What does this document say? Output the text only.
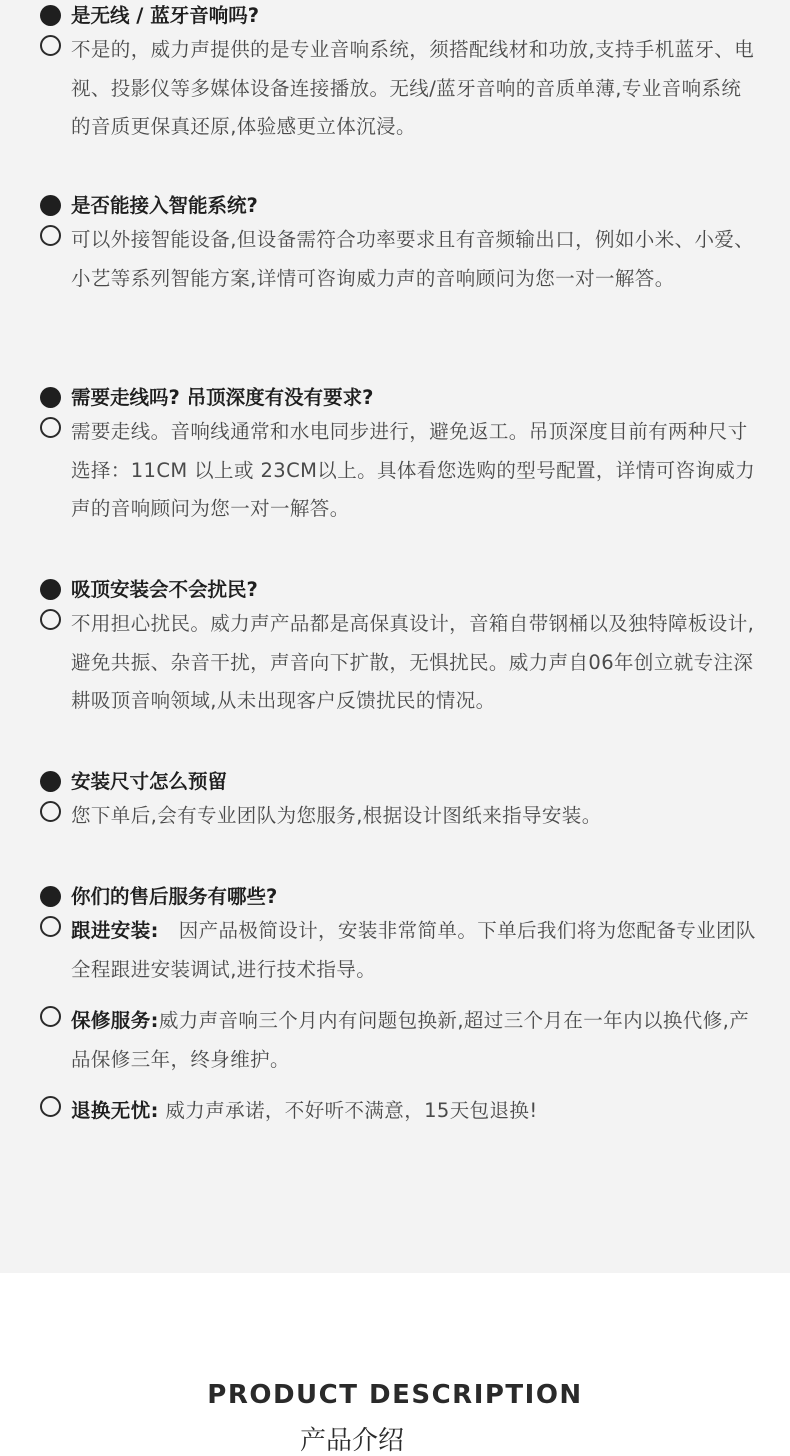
是无线 / 蓝牙音响吗?
不是的，威力声提供的是专业音响系统，须搭配线材和功放,支持手机蓝牙、电视、投影仪等多媒体设备连接播放。无线/蓝牙音响的音质单薄,专业音响系统的音质更保真还原,体验感更立体沉浸。
是否能接入智能系统?
可以外接智能设备,但设备需符合功率要求且有音频输出口，例如小米、小爱、小艺等系列智能方案,详情可咨询威力声的音响顾问为您一对一解答。
需要走线吗? 吊顶深度有没有要求?
需要走线。音响线通常和水电同步进行，避免返工。吊顶深度目前有两种尺寸选择：11CM 以上或 23CM以上。具体看您选购的型号配置，详情可咨询威力声的音响顾问为您一对一解答。
吸顶安装会不会扰民?
不用担心扰民。威力声产品都是高保真设计，音箱自带钢桶以及独特障板设计,避免共振、杂音干扰，声音向下扩散，无惧扰民。威力声自06年创立就专注深耕吸顶音响领域,从未出现客户反馈扰民的情况。
安装尺寸怎么预留
您下单后,会有专业团队为您服务,根据设计图纸来指导安装。
你们的售后服务有哪些?
跟进安装:　因产品极简设计，安装非常简单。下单后我们将为您配备专业团队全程跟进安装调试,进行技术指导。
保修服务:威力声音响三个月内有问题包换新,超过三个月在一年内以换代修,产品保修三年，终身维护。
退换无忧: 威力声承诺，不好听不满意，15天包退换!
PRODUCT DESCRIPTION
产品介绍
